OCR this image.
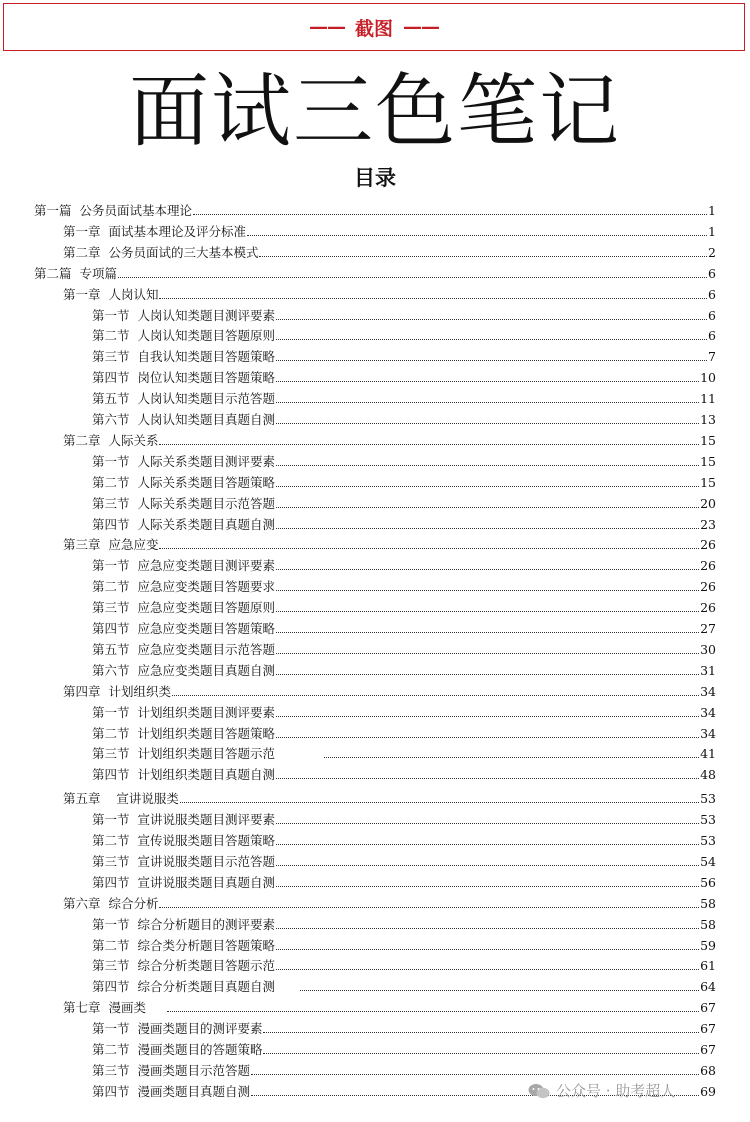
—— 截图 ——
面试三色笔记
目录
第一篇  公务员面试基本理论	1
第一章  面试基本理论及评分标准	1
第二章  公务员面试的三大基本模式	2
第二篇  专项篇	6
第一章  人岗认知	6
第一节  人岗认知类题目测评要素	6
第二节  人岗认知类题目答题原则	6
第三节  自我认知类题目答题策略	7
第四节  岗位认知类题目答题策略	10
第五节  人岗认知类题目示范答题	11
第六节  人岗认知类题目真题自测	13
第二章  人际关系	15
第一节  人际关系类题目测评要素	15
第二节  人际关系类题目答题策略	15
第三节  人际关系类题目示范答题	20
第四节  人际关系类题目真题自测	23
第三章  应急应变	26
第一节  应急应变类题目测评要素	26
第二节  应急应变类题目答题要求	26
第三节  应急应变类题目答题原则	26
第四节  应急应变类题目答题策略	27
第五节  应急应变类题目示范答题	30
第六节  应急应变类题目真题自测	31
第四章  计划组织类	34
第一节  计划组织类题目测评要素	34
第二节  计划组织类题目答题策略	34
第三节  计划组织类题目答题示范	41
第四节  计划组织类题目真题自测	48
第五章    宣讲说服类	53
第一节  宣讲说服类题目测评要素	53
第二节  宣传说服类题目答题策略	53
第三节  宣讲说服类题目示范答题	54
第四节  宣讲说服类题目真题自测	56
第六章  综合分析	58
第一节  综合分析题目的测评要素	58
第二节  综合类分析题目答题策略	59
第三节  综合分析类题目答题示范	61
第四节  综合分析类题目真题自测	64
第七章  漫画类	67
第一节  漫画类题目的测评要素	67
第二节  漫画类题目的答题策略	67
第三节  漫画类题目示范答题	68
第四节  漫画类题目真题自测	69
公众号 · 助考超人
